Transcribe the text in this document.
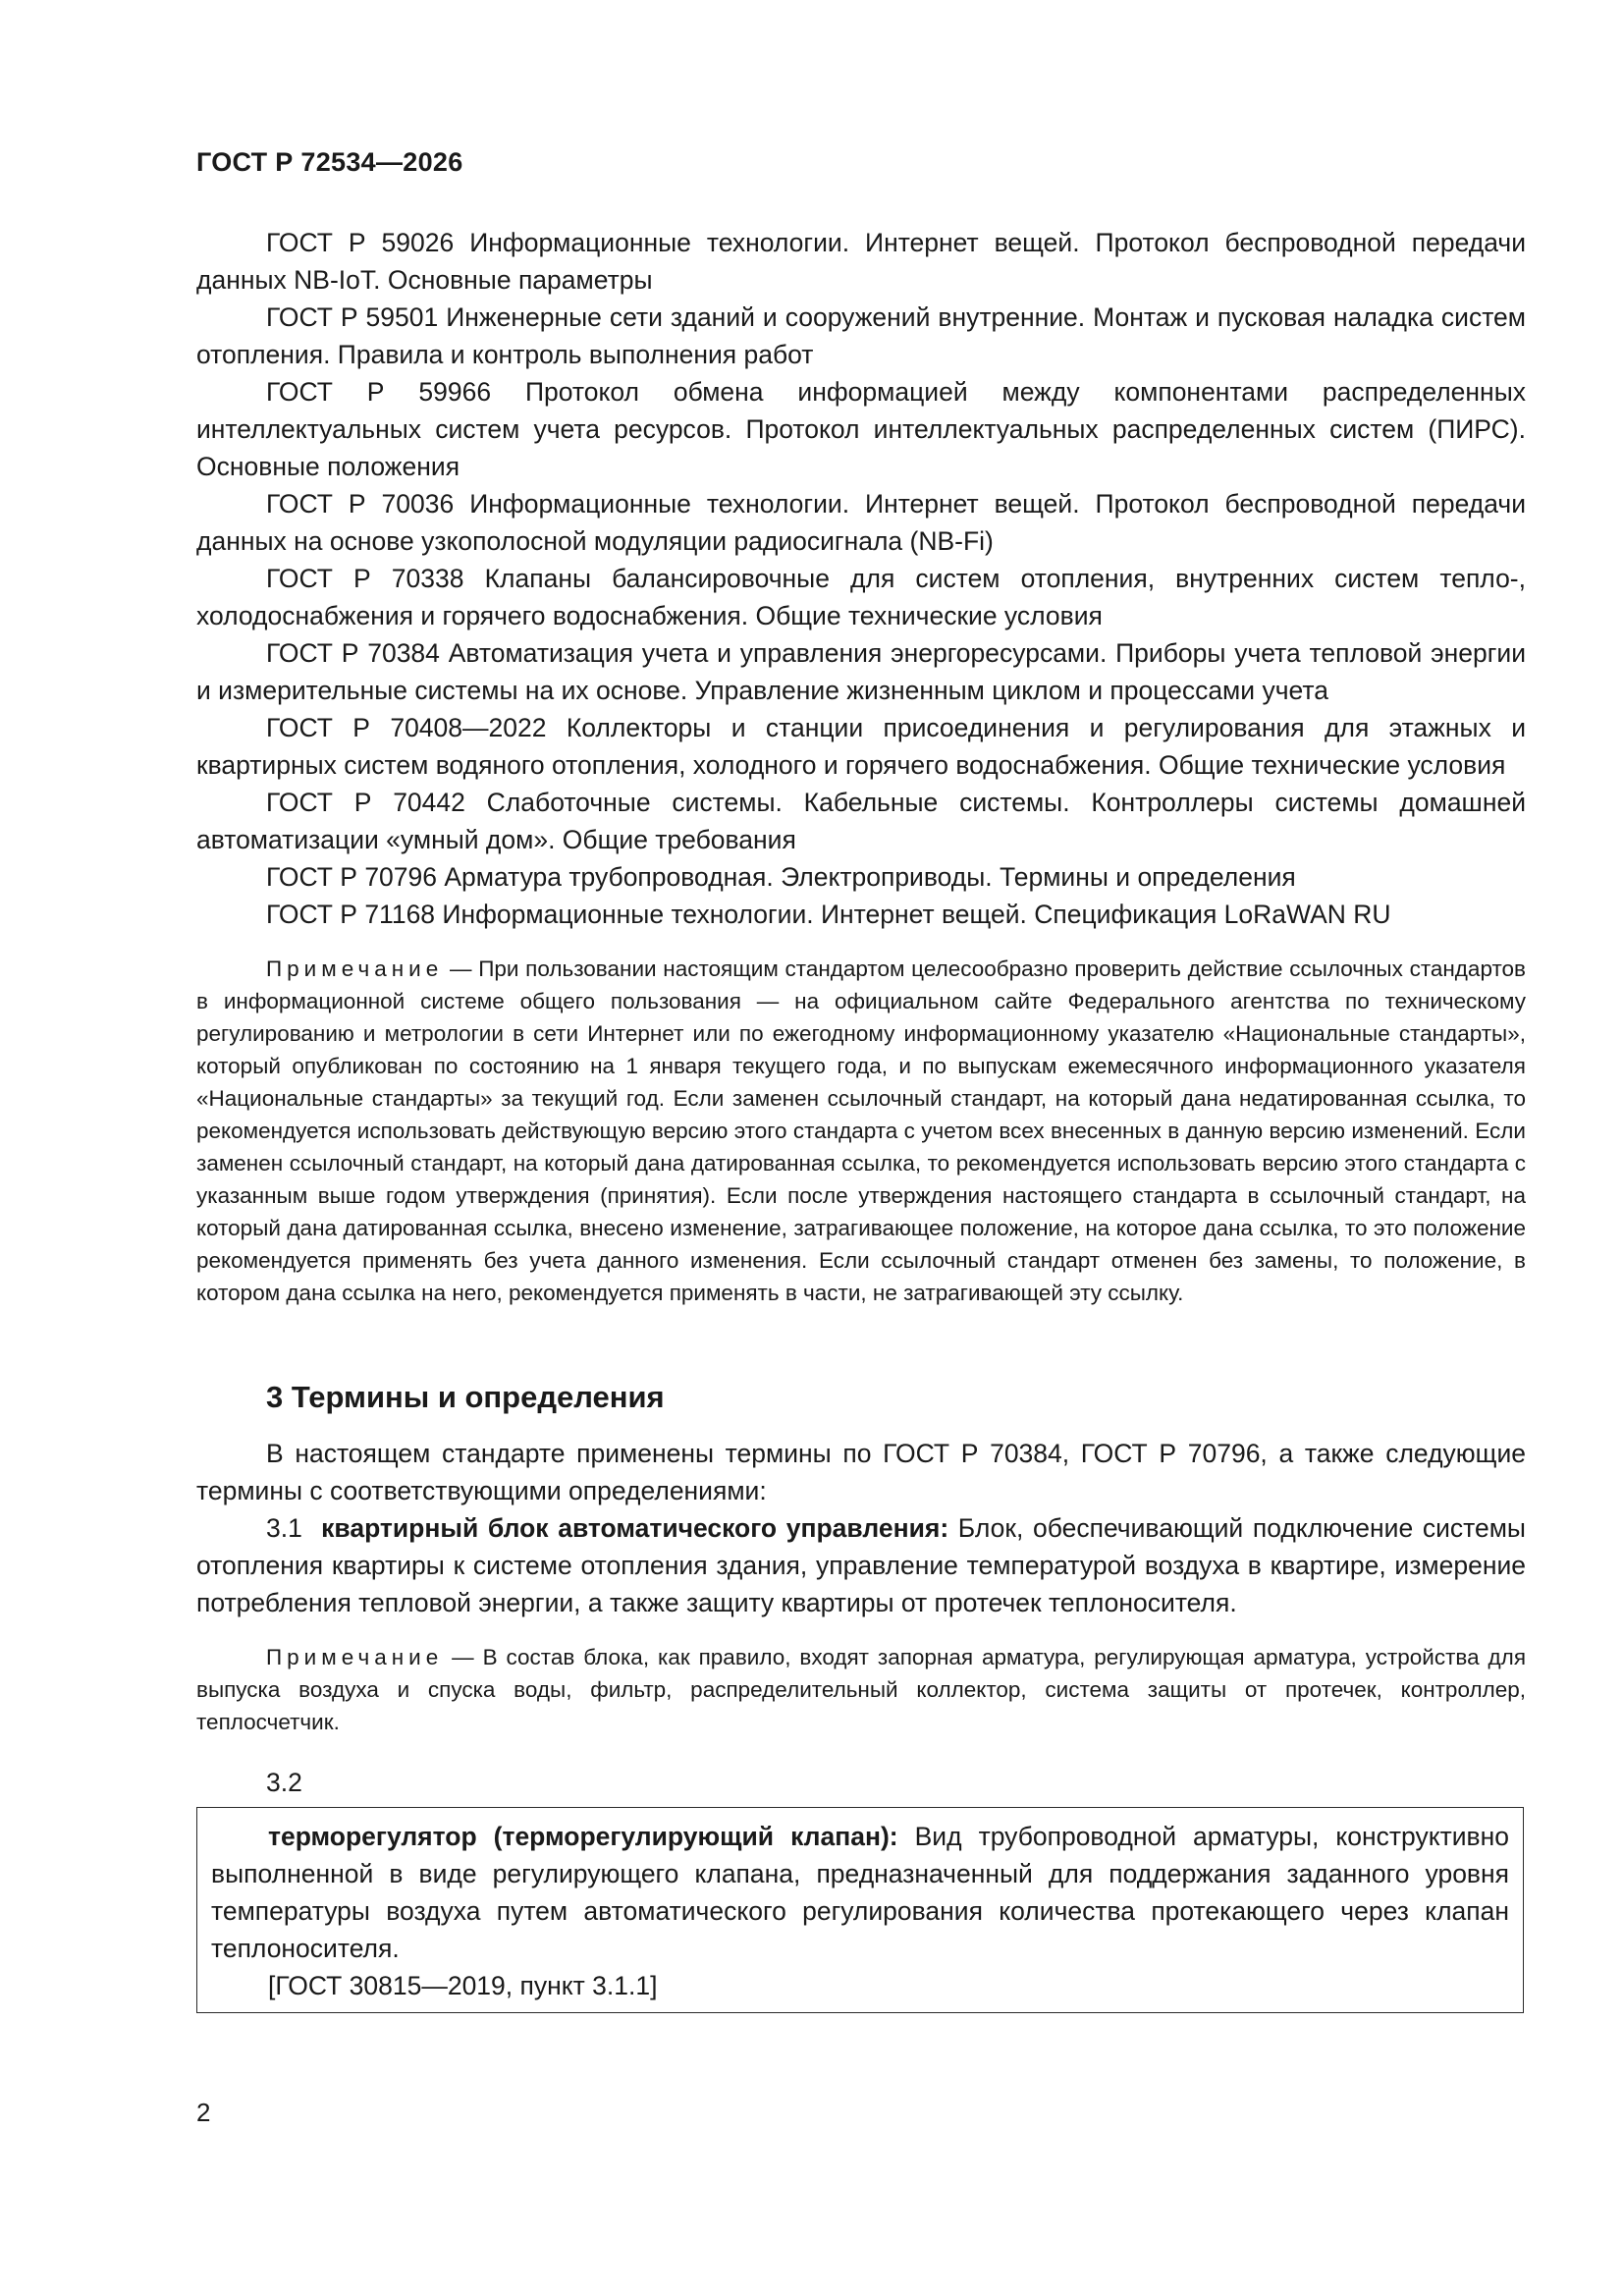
ГОСТ Р 72534—2026

ГОСТ Р 59026 Информационные технологии. Интернет вещей. Протокол беспроводной передачи данных NB-IoT. Основные параметры

ГОСТ Р 59501 Инженерные сети зданий и сооружений внутренние. Монтаж и пусковая наладка систем отопления. Правила и контроль выполнения работ

ГОСТ Р 59966 Протокол обмена информацией между компонентами распределенных интеллектуальных систем учета ресурсов. Протокол интеллектуальных распределенных систем (ПИРС). Основные положения

ГОСТ Р 70036 Информационные технологии. Интернет вещей. Протокол беспроводной передачи данных на основе узкополосной модуляции радиосигнала (NB-Fi)

ГОСТ Р 70338 Клапаны балансировочные для систем отопления, внутренних систем тепло-, холодоснабжения и горячего водоснабжения. Общие технические условия

ГОСТ Р 70384 Автоматизация учета и управления энергоресурсами. Приборы учета тепловой энергии и измерительные системы на их основе. Управление жизненным циклом и процессами учета

ГОСТ Р 70408—2022 Коллекторы и станции присоединения и регулирования для этажных и квартирных систем водяного отопления, холодного и горячего водоснабжения. Общие технические условия

ГОСТ Р 70442 Слаботочные системы. Кабельные системы. Контроллеры системы домашней автоматизации «умный дом». Общие требования

ГОСТ Р 70796 Арматура трубопроводная. Электроприводы. Термины и определения

ГОСТ Р 71168 Информационные технологии. Интернет вещей. Спецификация LoRaWAN RU

Примечание — При пользовании настоящим стандартом целесообразно проверить действие ссылочных стандартов в информационной системе общего пользования — на официальном сайте Федерального агентства по техническому регулированию и метрологии в сети Интернет или по ежегодному информационному указателю «Национальные стандарты», который опубликован по состоянию на 1 января текущего года, и по выпускам ежемесячного информационного указателя «Национальные стандарты» за текущий год. Если заменен ссылочный стандарт, на который дана недатированная ссылка, то рекомендуется использовать действующую версию этого стандарта с учетом всех внесенных в данную версию изменений. Если заменен ссылочный стандарт, на который дана датированная ссылка, то рекомендуется использовать версию этого стандарта с указанным выше годом утверждения (принятия). Если после утверждения настоящего стандарта в ссылочный стандарт, на который дана датированная ссылка, внесено изменение, затрагивающее положение, на которое дана ссылка, то это положение рекомендуется применять без учета данного изменения. Если ссылочный стандарт отменен без замены, то положение, в котором дана ссылка на него, рекомендуется применять в части, не затрагивающей эту ссылку.

3 Термины и определения

В настоящем стандарте применены термины по ГОСТ Р 70384, ГОСТ Р 70796, а также следующие термины с соответствующими определениями:

3.1 квартирный блок автоматического управления: Блок, обеспечивающий подключение системы отопления квартиры к системе отопления здания, управление температурой воздуха в квартире, измерение потребления тепловой энергии, а также защиту квартиры от протечек теплоносителя.

Примечание — В состав блока, как правило, входят запорная арматура, регулирующая арматура, устройства для выпуска воздуха и спуска воды, фильтр, распределительный коллектор, система защиты от протечек, контроллер, теплосчетчик.

3.2

терморегулятор (терморегулирующий клапан): Вид трубопроводной арматуры, конструктивно выполненной в виде регулирующего клапана, предназначенный для поддержания заданного уровня температуры воздуха путем автоматического регулирования количества протекающего через клапан теплоносителя.

[ГОСТ 30815—2019, пункт 3.1.1]

2
